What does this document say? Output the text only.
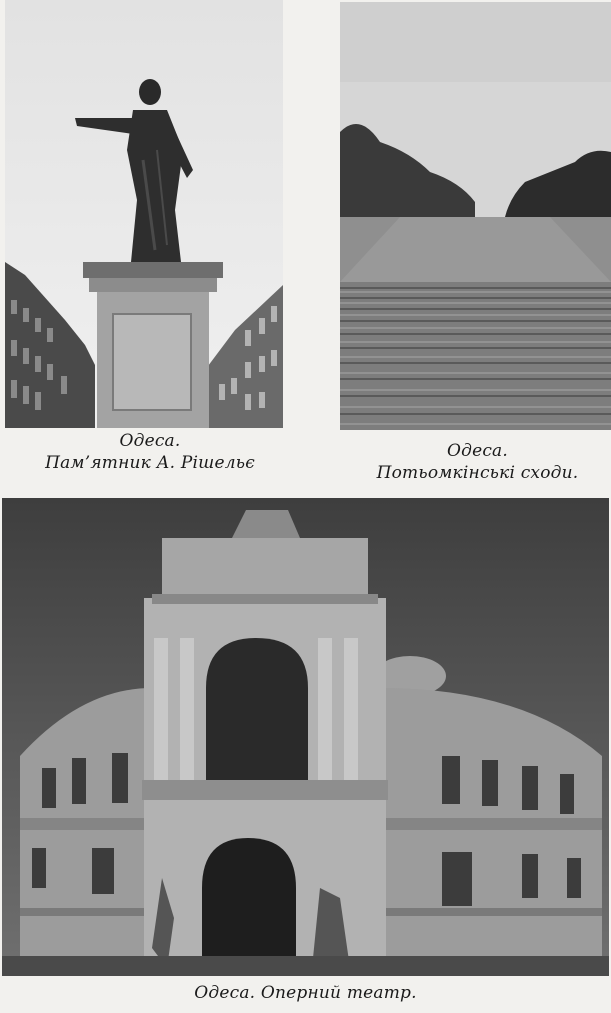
Одеса.
Пам’ятник А. Рішельє
Одеса.
Потьомкінські сходи.
Одеса. Оперний театр.
